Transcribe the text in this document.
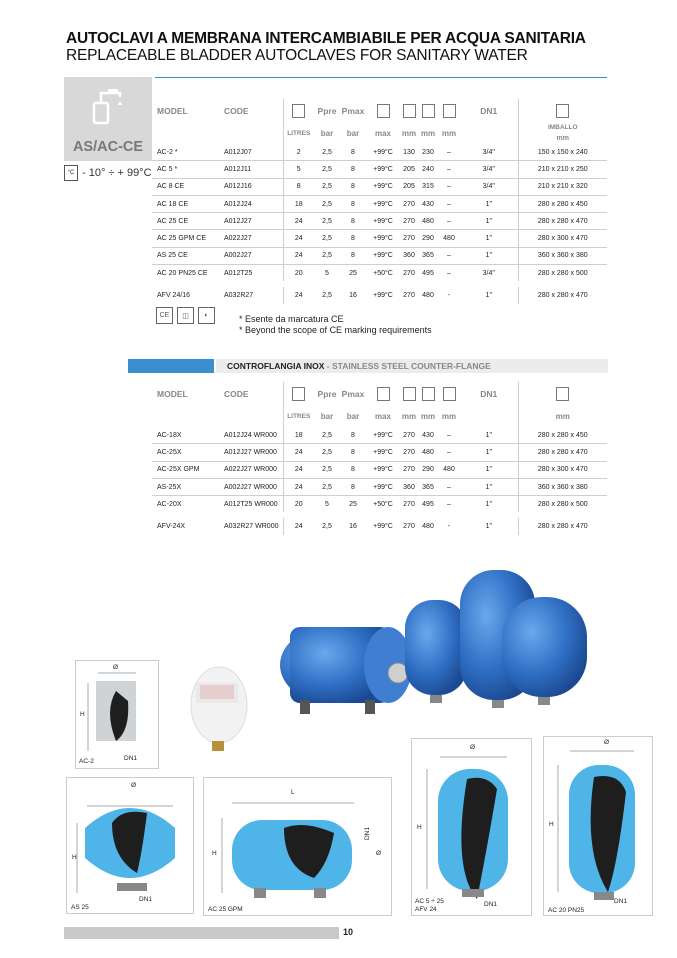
AUTOCLAVI A MEMBRANA INTERCAMBIABILE PER ACQUA SANITARIA
REPLACEABLE BLADDER AUTOCLAVES FOR SANITARY WATER
AS/AC-CE
°C - 10° ÷ + 99°C
MODEL	CODE		Ppre	Pmax					DN1	
		LITRES	bar	bar	max	mm	mm	mm		IMBALLO
mm

AC-2 *	A012J07	2	2,5	8	+99°C	130	230	–	3/4"	150 x 150 x 240
AC 5 *	A012J11	5	2,5	8	+99°C	205	240	–	3/4"	210 x 210 x 250
AC 8 CE	A012J16	8	2,5	8	+99°C	205	315	–	3/4"	210 x 210 x 320
AC 18 CE	A012J24	18	2,5	8	+99°C	270	430	–	1"	280 x 280 x 450
AC 25 CE	A012J27	24	2,5	8	+99°C	270	480	–	1"	280 x 280 x 470
AC 25 GPM CE	A022J27	24	2,5	8	+99°C	270	290	480	1"	280 x 300 x 470
AS 25 CE	A002J27	24	2,5	8	+99°C	360	365	–	1"	360 x 360 x 380
AC 20 PN25 CE	A012T25	20	5	25	+50°C	270	495	–	3/4"	280 x 280 x 500

AFV 24/16	A032R27	24	2,5	16	+99°C	270	480	-	1"	280 x 280 x 470
CE	◫	◐	* Esente da marcatura CE
* Beyond the scope of CE marking requirements
CONTROFLANGIA INOX - STAINLESS STEEL COUNTER-FLANGE
MODEL	CODE		Ppre	Pmax					DN1	
		LITRES	bar	bar	max	mm	mm	mm		mm
AC-18X	A012J24 WR000	18	2,5	8	+99°C	270	430	–	1"	280 x 280 x 450
AC-25X	A012J27 WR000	24	2,5	8	+99°C	270	480	–	1"	280 x 280 x 470
AC-25X GPM	A022J27 WR000	24	2,5	8	+99°C	270	290	480	1"	280 x 300 x 470
AS-25X	A002J27 WR000	24	2,5	8	+99°C	360	365	–	1"	360 x 360 x 380
AC-20X	A012T25 WR000	20	5	25	+50°C	270	495	–	1"	280 x 280 x 500

AFV-24X	A032R27 WR000	24	2,5	16	+99°C	270	480	-	1"	280 x 280 x 470
Ø
H
DN1
AC-2
Ø
H
DN1
AS 25
L
H
DN1
Ø
AC 25 GPM
Ø
H
DN1
AC 5 ÷ 25
AFV 24
Ø
H
DN1
AC 20 PN25
10
